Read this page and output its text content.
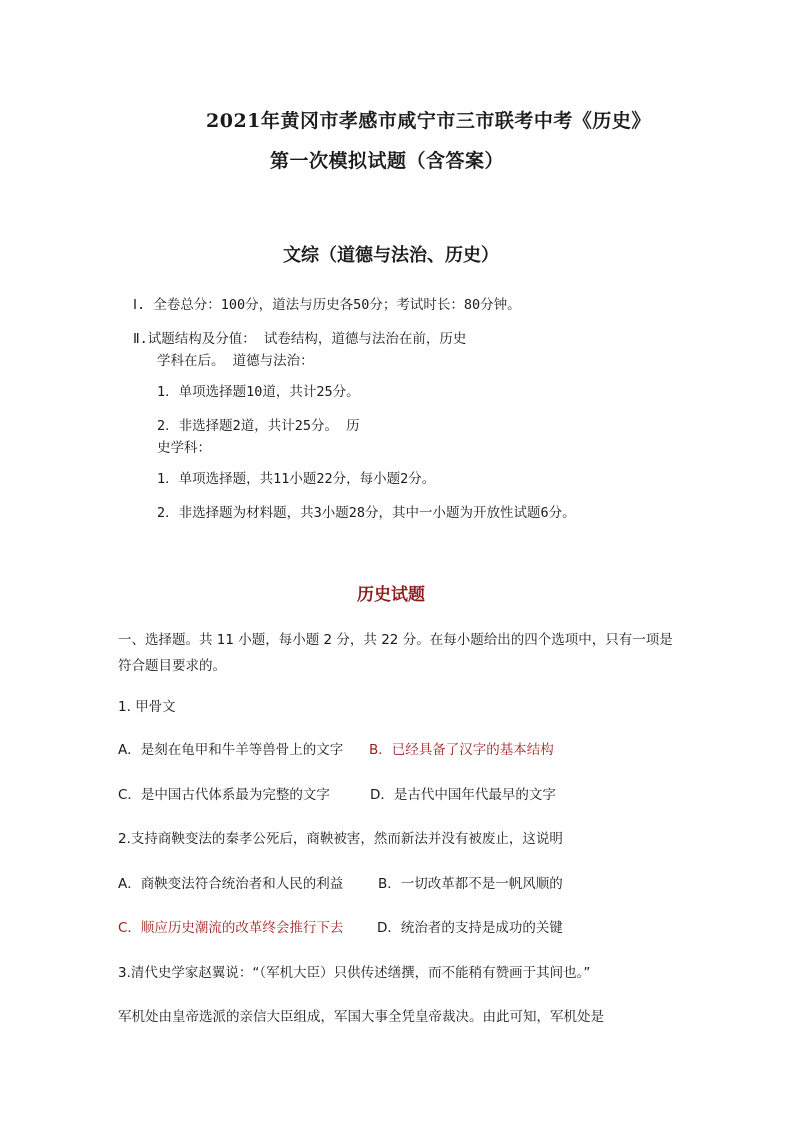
2021年黄冈市孝感市咸宁市三市联考中考《历史》
第一次模拟试题（含答案）
文综（道德与法治、历史）
Ⅰ. 全卷总分：100分，道法与历史各50分；考试时长：80分钟。
Ⅱ.试题结构及分值： 试卷结构，道德与法治在前，历史
学科在后。 道德与法治：
1．单项选择题10道，共计25分。
2．非选择题2道，共计25分。 历
史学科：
1．单项选择题，共11小题22分，每小题2分。
2．非选择题为材料题，共3小题28分，其中一小题为开放性试题6分。
历史试题
一、选择题。共 11 小题，每小题 2 分，共 22 分。在每小题给出的四个选项中，只有一项是
符合题目要求的。
1. 甲骨文
A．是刻在龟甲和牛羊等兽骨上的文字 B．已经具备了汉字的基本结构
C．是中国古代体系最为完整的文字	D．是古代中国年代最早的文字
2.支持商鞅变法的秦孝公死后，商鞅被害，然而新法并没有被废止，这说明
A．商鞅变法符合统治者和人民的利益	B．一切改革都不是一帆风顺的
C．顺应历史潮流的改革终会推行下去 D．统治者的支持是成功的关键
3.清代史学家赵翼说：“（军机大臣）只供传述缮撰，而不能稍有赞画于其间也。”
军机处由皇帝选派的亲信大臣组成，军国大事全凭皇帝裁决。由此可知，军机处是
